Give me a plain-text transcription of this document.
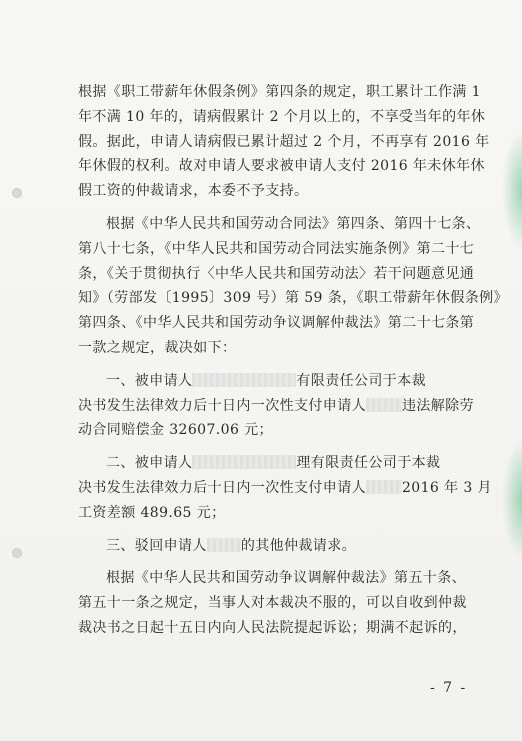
根据《职工带薪年休假条例》第四条的规定，职工累计工作满 1
年不满 10 年的，请病假累计 2 个月以上的，不享受当年的年休
假。据此，申请人请病假已累计超过 2 个月，不再享有 2016 年
年休假的权利。故对申请人要求被申请人支付 2016 年未休年休
假工资的仲裁请求，本委不予支持。
根据《中华人民共和国劳动合同法》第四条、第四十七条、
第八十七条，《中华人民共和国劳动合同法实施条例》第二十七
条，《关于贯彻执行〈中华人民共和国劳动法〉若干问题意见通
知》（劳部发〔1995〕309 号）第 59 条，《职工带薪年休假条例》
第四条、《中华人民共和国劳动争议调解仲裁法》第二十七条第
一款之规定，裁决如下：
一、被申请人	有限责任公司于本裁
决书发生法律效力后十日内一次性支付申请人	违法解除劳
动合同赔偿金 32607.06 元；
二、被申请人	理有限责任公司于本裁
决书发生法律效力后十日内一次性支付申请人	2016 年 3 月
工资差额 489.65 元；
三、驳回申请人 的其他仲裁请求。
根据《中华人民共和国劳动争议调解仲裁法》第五十条、
第五十一条之规定，当事人对本裁决不服的，可以自收到仲裁
裁决书之日起十五日内向人民法院提起诉讼；期满不起诉的，
- 7 -
